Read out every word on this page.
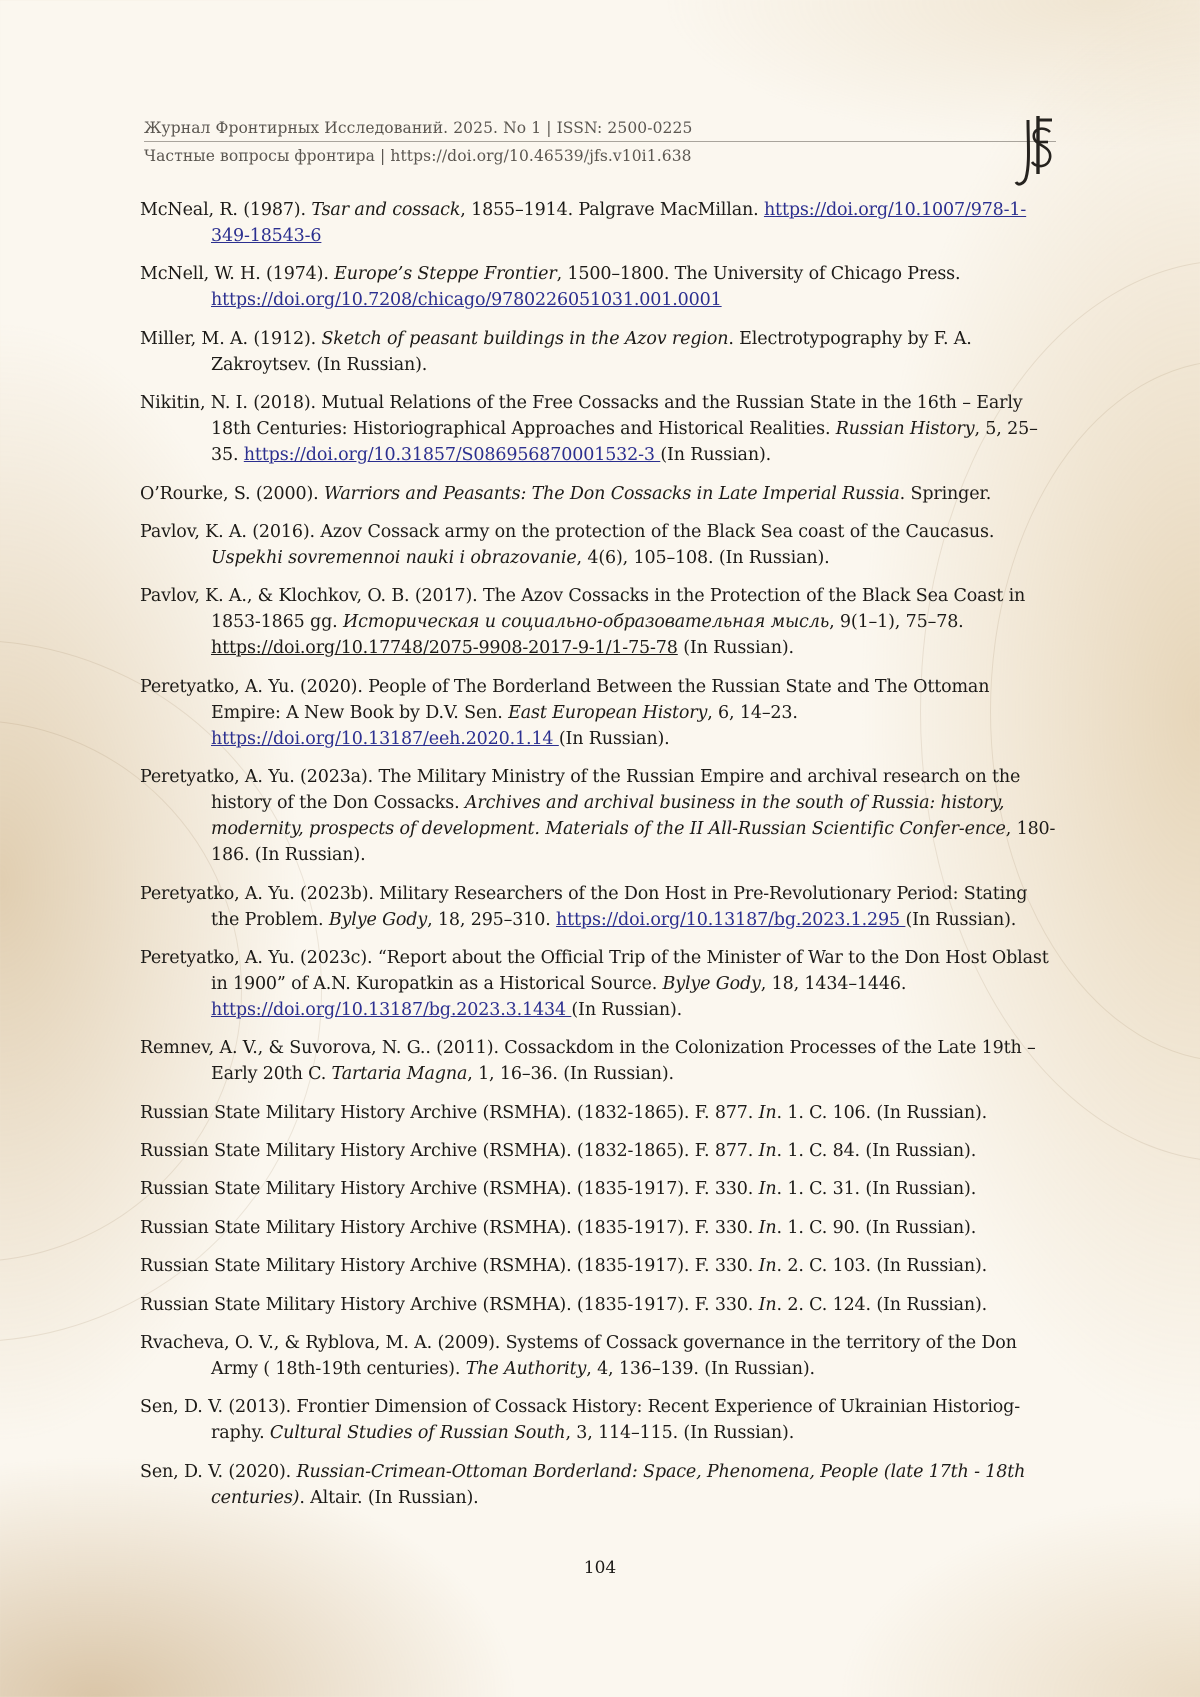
Журнал Фронтирных Исследований. 2025. No 1 | ISSN: 2500-0225
Частные вопросы фронтира | https://doi.org/10.46539/jfs.v10i1.638
McNeal, R. (1987). Tsar and cossack, 1855–1914. Palgrave MacMillan. https://doi.org/10.1007/978-1-349-18543-6
McNell, W. H. (1974). Europe’s Steppe Frontier, 1500–1800. The University of Chicago Press. https://doi.org/10.7208/chicago/9780226051031.001.0001
Miller, M. A. (1912). Sketch of peasant buildings in the Azov region. Electrotypography by F. A. Zakroytsev. (In Russian).
Nikitin, N. I. (2018). Mutual Relations of the Free Cossacks and the Russian State in the 16th – Early 18th Centuries: Historiographical Approaches and Historical Realities. Russian History, 5, 25–35. https://doi.org/10.31857/S086956870001532-3 (In Russian).
O’Rourke, S. (2000). Warriors and Peasants: The Don Cossacks in Late Imperial Russia. Springer.
Pavlov, K. A. (2016). Azov Cossack army on the protection of the Black Sea coast of the Caucasus. Uspekhi sovremennoi nauki i obrazovanie, 4(6), 105–108. (In Russian).
Pavlov, K. A., & Klochkov, O. B. (2017). The Azov Cossacks in the Protection of the Black Sea Coast in 1853-1865 gg. Историческая и социально-образовательная мысль, 9(1–1), 75–78. https://doi.org/10.17748/2075-9908-2017-9-1/1-75-78 (In Russian).
Peretyatko, A. Yu. (2020). People of The Borderland Between the Russian State and The Ottoman Empire: A New Book by D.V. Sen. East European History, 6, 14–23. https://doi.org/10.13187/eeh.2020.1.14 (In Russian).
Peretyatko, A. Yu. (2023a). The Military Ministry of the Russian Empire and archival research on the history of the Don Cossacks. Archives and archival business in the south of Russia: history, modernity, prospects of development. Materials of the II All-Russian Scientific Confer-ence, 180-186. (In Russian).
Peretyatko, A. Yu. (2023b). Military Researchers of the Don Host in Pre-Revolutionary Period: Stating the Problem. Bylye Gody, 18, 295–310. https://doi.org/10.13187/bg.2023.1.295 (In Russian).
Peretyatko, A. Yu. (2023c). “Report about the Official Trip of the Minister of War to the Don Host Oblast in 1900” of A.N. Kuropatkin as a Historical Source. Bylye Gody, 18, 1434–1446. https://doi.org/10.13187/bg.2023.3.1434 (In Russian).
Remnev, A. V., & Suvorova, N. G.. (2011). Cossackdom in the Colonization Processes of the Late 19th – Early 20th C. Tartaria Magna, 1, 16–36. (In Russian).
Russian State Military History Archive (RSMHA). (1832-1865). F. 877. In. 1. C. 106. (In Russian).
Russian State Military History Archive (RSMHA). (1832-1865). F. 877. In. 1. C. 84. (In Russian).
Russian State Military History Archive (RSMHA). (1835-1917). F. 330. In. 1. C. 31. (In Russian).
Russian State Military History Archive (RSMHA). (1835-1917). F. 330. In. 1. C. 90. (In Russian).
Russian State Military History Archive (RSMHA). (1835-1917). F. 330. In. 2. C. 103. (In Russian).
Russian State Military History Archive (RSMHA). (1835-1917). F. 330. In. 2. C. 124. (In Russian).
Rvacheva, O. V., & Ryblova, M. A. (2009). Systems of Cossack governance in the territory of the Don Army ( 18th-19th centuries). The Authority, 4, 136–139. (In Russian).
Sen, D. V. (2013). Frontier Dimension of Cossack History: Recent Experience of Ukrainian Historiog-raphy. Cultural Studies of Russian South, 3, 114–115. (In Russian).
Sen, D. V. (2020). Russian-Crimean-Ottoman Borderland: Space, Phenomena, People (late 17th - 18th centuries). Altair. (In Russian).
104
